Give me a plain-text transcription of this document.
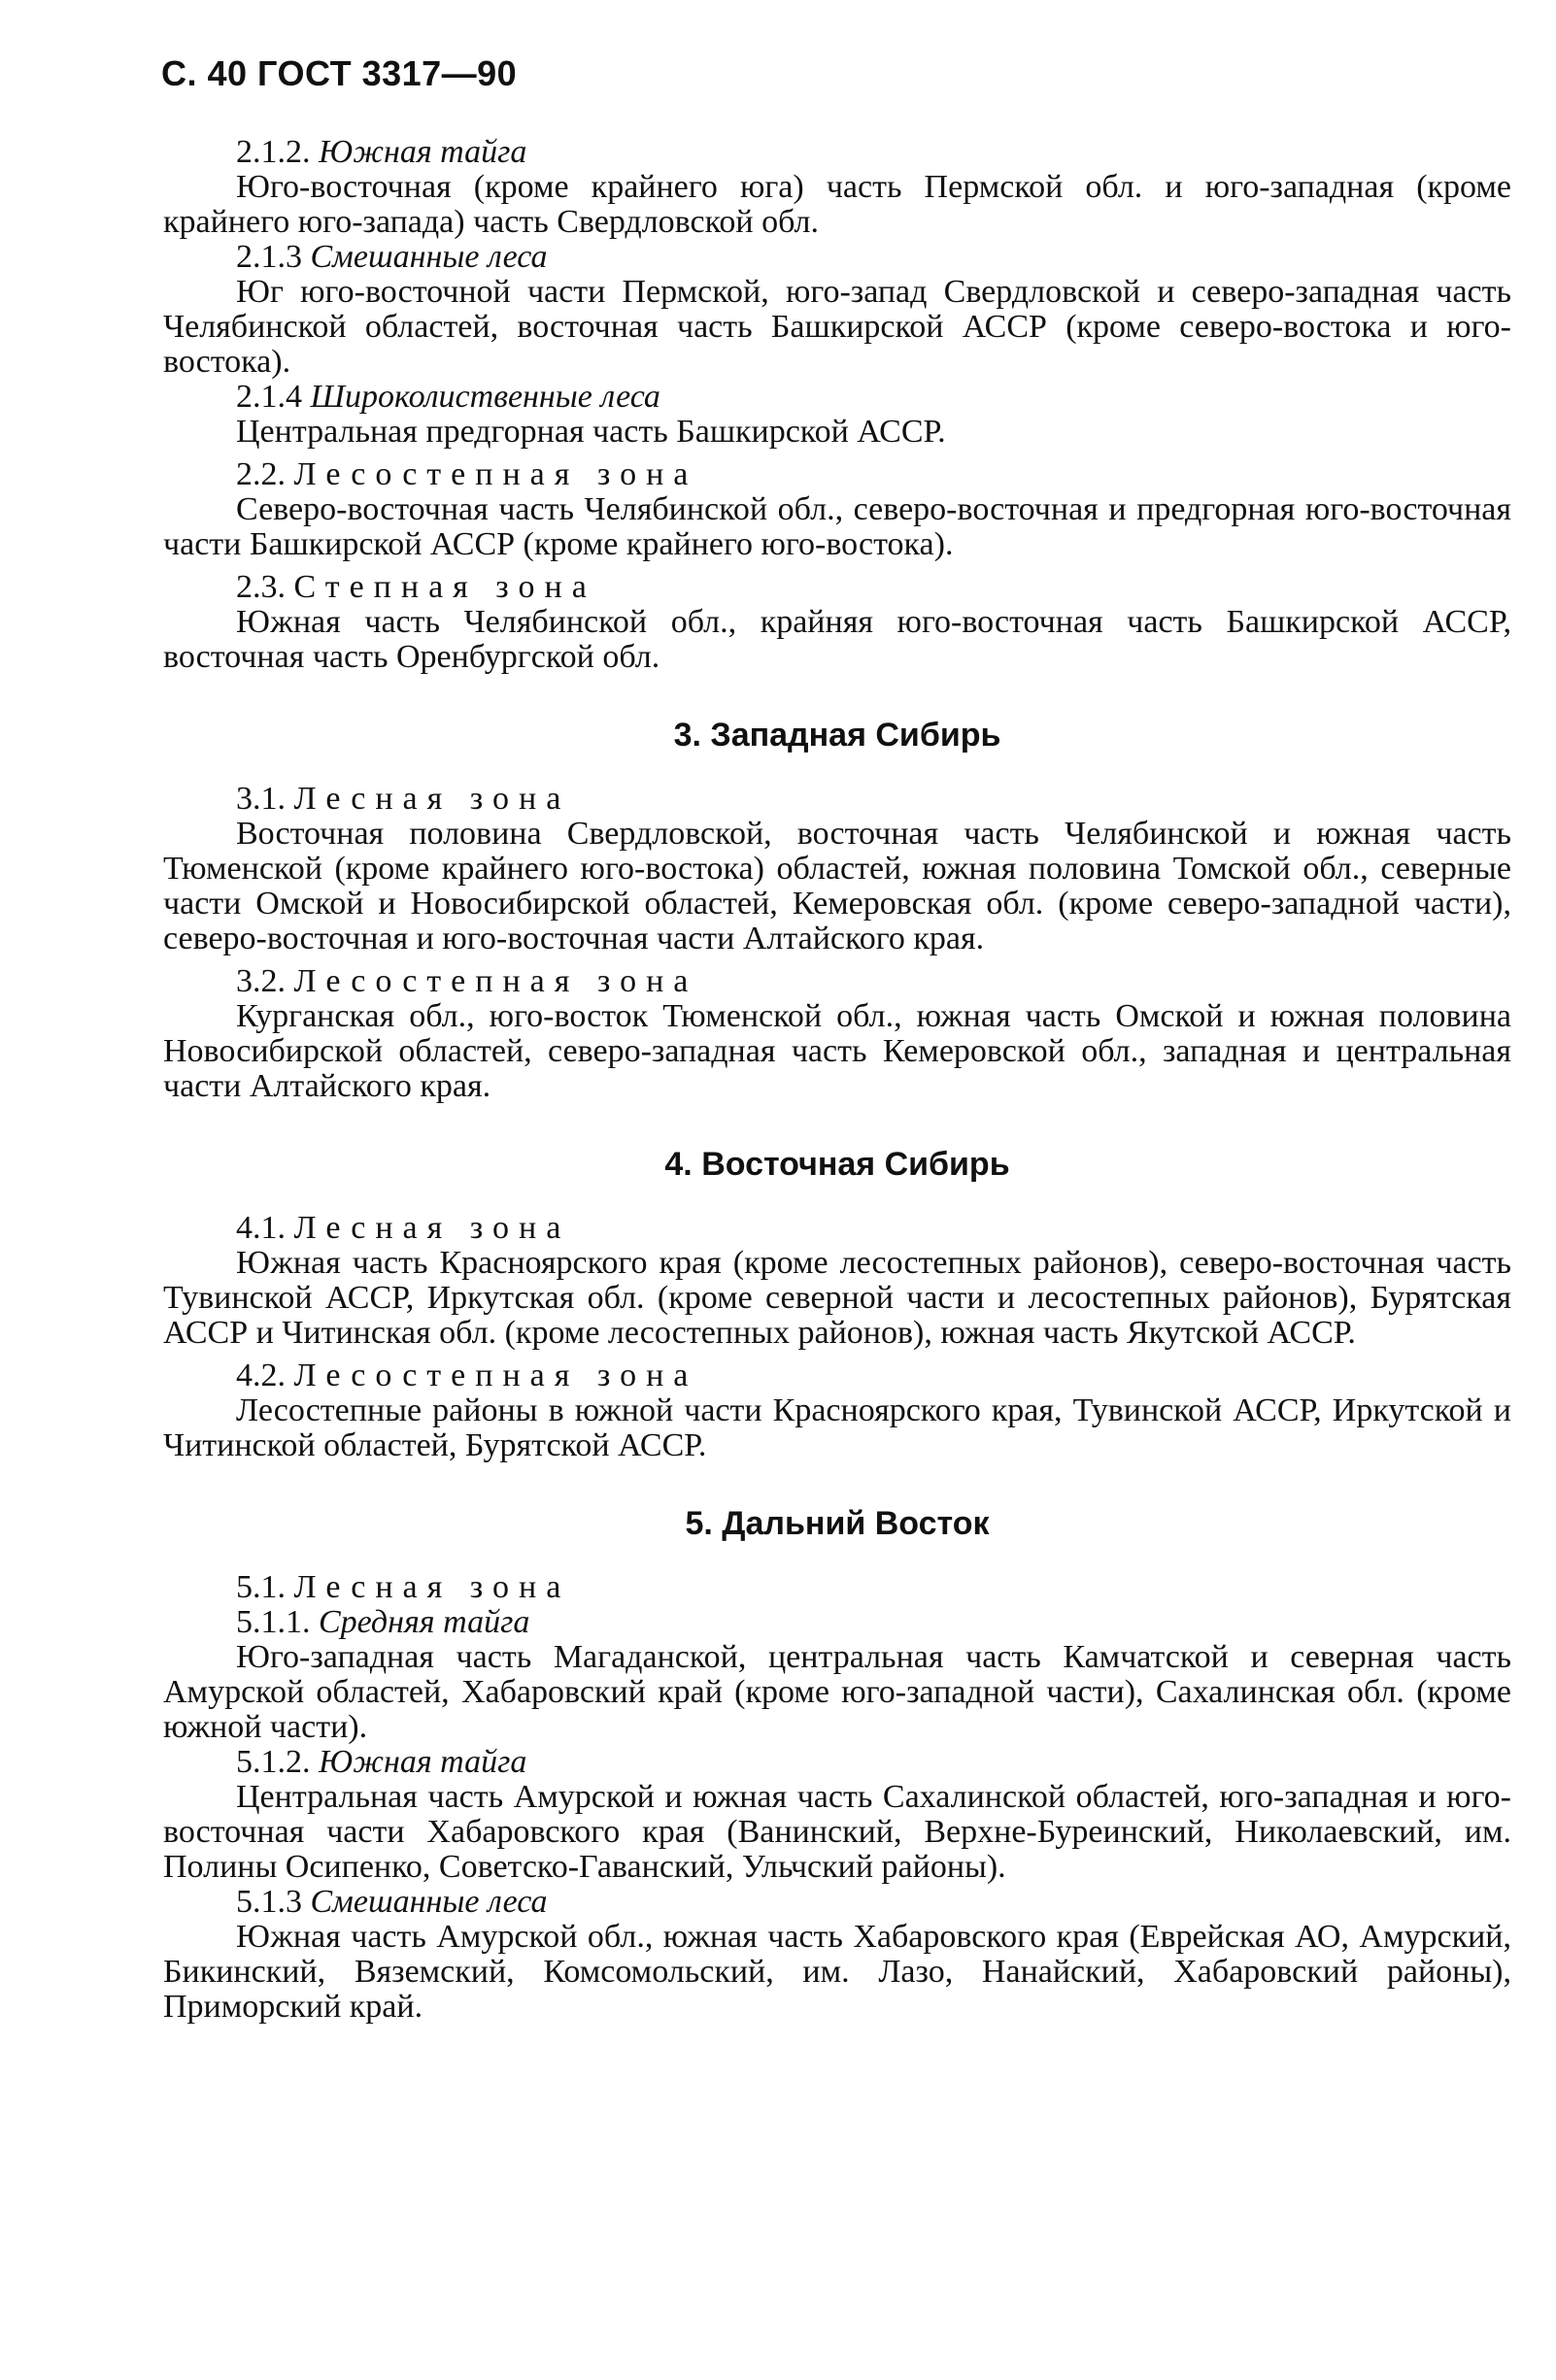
С. 40 ГОСТ 3317—90
2.1.2. Южная тайга
Юго-восточная (кроме крайнего юга) часть Пермской обл. и юго-западная (кроме крайнего юго-запада) часть Свердловской обл.
2.1.3 Смешанные леса
Юг юго-восточной части Пермской, юго-запад Свердловской и северо-западная часть Челябинской областей, восточная часть Башкирской АССР (кроме северо-востока и юго-востока).
2.1.4 Широколиственные леса
Центральная предгорная часть Башкирской АССР.
2.2. Лесостепная зона
Северо-восточная часть Челябинской обл., северо-восточная и предгорная юго-восточная части Башкирской АССР (кроме крайнего юго-востока).
2.3. Степная зона
Южная часть Челябинской обл., крайняя юго-восточная часть Башкирской АССР, восточная часть Оренбургской обл.
3. Западная Сибирь
3.1. Лесная зона
Восточная половина Свердловской, восточная часть Челябинской и южная часть Тюменской (кроме крайнего юго-востока) областей, южная половина Томской обл., северные части Омской и Новосибирской областей, Кемеровская обл. (кроме северо-западной части), северо-восточная и юго-восточная части Алтайского края.
3.2. Лесостепная зона
Курганская обл., юго-восток Тюменской обл., южная часть Омской и южная половина Новосибирской областей, северо-западная часть Кемеровской обл., западная и центральная части Алтайского края.
4. Восточная Сибирь
4.1. Лесная зона
Южная часть Красноярского края (кроме лесостепных районов), северо-восточная часть Тувинской АССР, Иркутская обл. (кроме северной части и лесостепных районов), Бурятская АССР и Читинская обл. (кроме лесостепных районов), южная часть Якутской АССР.
4.2. Лесостепная зона
Лесостепные районы в южной части Красноярского края, Тувинской АССР, Иркутской и Читинской областей, Бурятской АССР.
5. Дальний Восток
5.1. Лесная зона
5.1.1. Средняя тайга
Юго-западная часть Магаданской, центральная часть Камчатской и северная часть Амурской областей, Хабаровский край (кроме юго-западной части), Сахалинская обл. (кроме южной части).
5.1.2. Южная тайга
Центральная часть Амурской и южная часть Сахалинской областей, юго-западная и юго-восточная части Хабаровского края (Ванинский, Верхне-Буреинский, Николаевский, им. Полины Осипенко, Советско-Гаванский, Ульчский районы).
5.1.3 Смешанные леса
Южная часть Амурской обл., южная часть Хабаровского края (Еврейская АО, Амурский, Бикинский, Вяземский, Комсомольский, им. Лазо, Нанайский, Хабаровский районы), Приморский край.
